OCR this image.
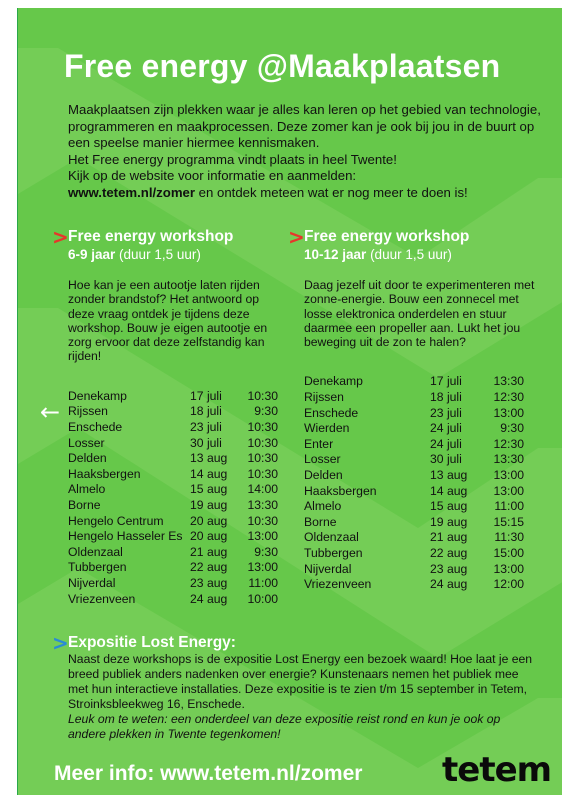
Free energy @Maakplaatsen
Maakplaatsen zijn plekken waar je alles kan leren op het gebied van technologie, programmeren en maakprocessen. Deze zomer kan je ook bij jou in de buurt op een speelse manier hiermee kennismaken.
Het Free energy programma vindt plaats in heel Twente!
Kijk op de website voor informatie en aanmelden:
www.tetem.nl/zomer en ontdek meteen wat er nog meer te doen is!
> Free energy workshop
6-9 jaar (duur 1,5 uur)
Hoe kan je een autootje laten rijden zonder brandstof? Het antwoord op deze vraag ontdek je tijdens deze workshop. Bouw je eigen autootje en zorg ervoor dat deze zelfstandig kan rijden!
Denekamp	17 juli	10:30
Rijssen	18 juli	9:30
Enschede	23 juli	10:30
Losser	30 juli	10:30
Delden	13 aug	10:30
Haaksbergen	14 aug	10:30
Almelo	15 aug	14:00
Borne	19 aug	13:30
Hengelo Centrum	20 aug	10:30
Hengelo Hasseler Es 20 aug	13:00
Oldenzaal	21 aug	9:30
Tubbergen	22 aug	13:00
Nijverdal	23 aug	11:00
Vriezenveen	24 aug	10:00
> Free energy workshop
10-12 jaar (duur 1,5 uur)
Daag jezelf uit door te experimenteren met zonne-energie. Bouw een zonnecel met losse elektronica onderdelen en stuur daarmee een propeller aan. Lukt het jou beweging uit de zon te halen?
Denekamp	17 juli	13:30
Rijssen	18 juli	12:30
Enschede	23 juli	13:00
Wierden	24 juli	9:30
Enter	24 juli	12:30
Losser	30 juli	13:30
Delden	13 aug	13:00
Haaksbergen	14 aug	13:00
Almelo	15 aug	11:00
Borne	19 aug	15:15
Oldenzaal	21 aug	11:30
Tubbergen	22 aug	15:00
Nijverdal	23 aug	13:00
Vriezenveen	24 aug	12:00
> Expositie Lost Energy:
Naast deze workshops is de expositie Lost Energy een bezoek waard! Hoe laat je een breed publiek anders nadenken over energie? Kunstenaars nemen het publiek mee met hun interactieve installaties. Deze expositie is te zien t/m 15 september in Tetem, Stroinksbleekweg 16, Enschede.
Leuk om te weten: een onderdeel van deze expositie reist rond en kun je ook op andere plekken in Twente tegenkomen!
Meer info: www.tetem.nl/zomer tetem
←
